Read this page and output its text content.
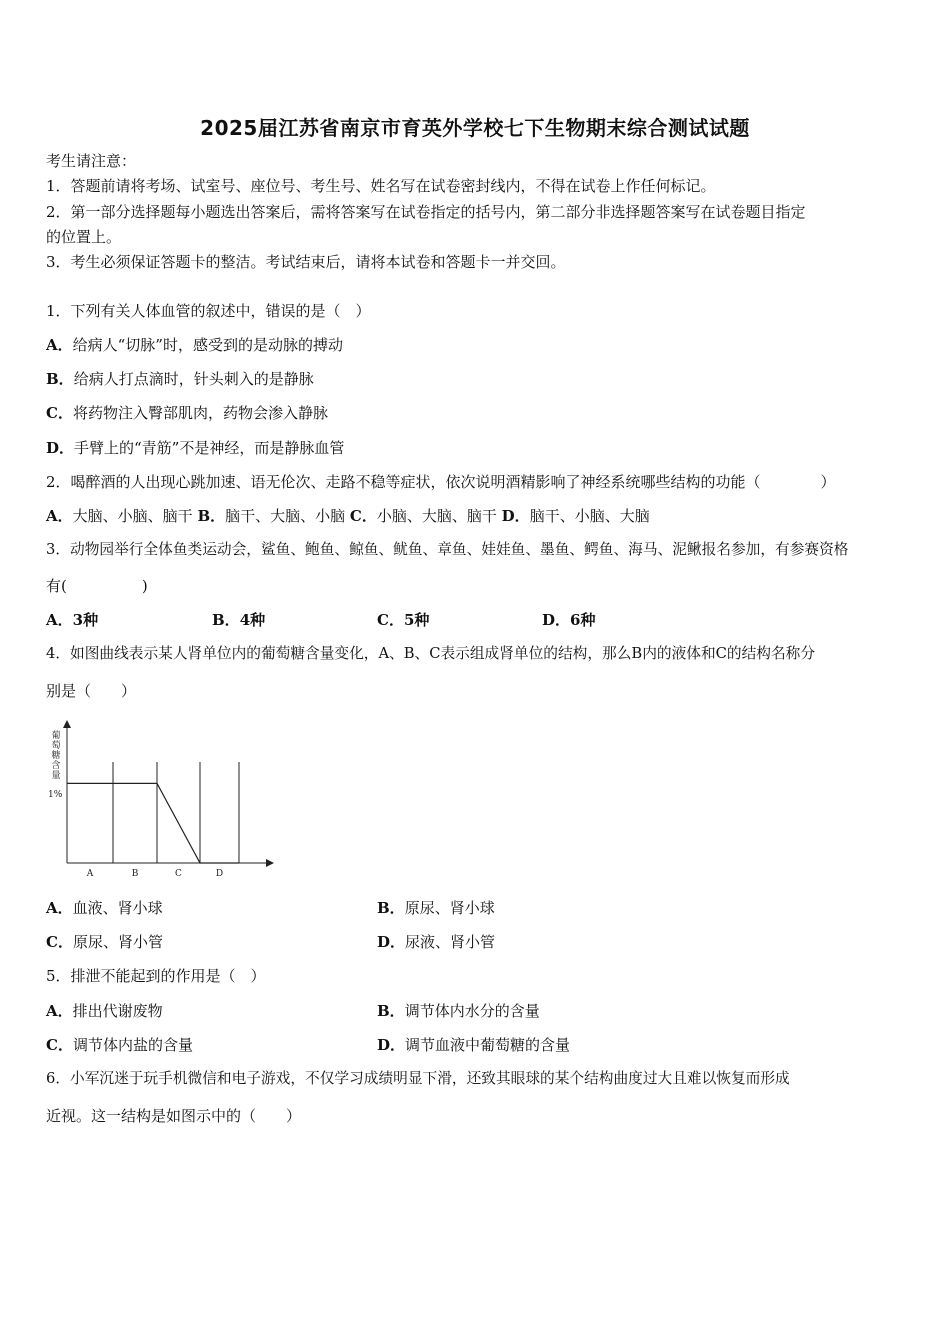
2025届江苏省南京市育英外学校七下生物期末综合测试试题
考生请注意：
1．答题前请将考场、试室号、座位号、考生号、姓名写在试卷密封线内，不得在试卷上作任何标记。
2．第一部分选择题每小题选出答案后，需将答案写在试卷指定的括号内，第二部分非选择题答案写在试卷题目指定
的位置上。
3．考生必须保证答题卡的整洁。考试结束后，请将本试卷和答题卡一并交回。
1．下列有关人体血管的叙述中，错误的是（　）
A．给病人“切脉”时，感受到的是动脉的搏动
B．给病人打点滴时，针头刺入的是静脉
C．将药物注入臀部肌肉，药物会渗入静脉
D．手臂上的“青筋”不是神经，而是静脉血管
2．喝醉酒的人出现心跳加速、语无伦次、走路不稳等症状，依次说明酒精影响了神经系统哪些结构的功能（　　　　）
A．大脑、小脑、脑干 B．脑干、大脑、小脑 C．小脑、大脑、脑干 D．脑干、小脑、大脑
3．动物园举行全体鱼类运动会，鲨鱼、鲍鱼、鲸鱼、鱿鱼、章鱼、娃娃鱼、墨鱼、鳄鱼、海马、泥鳅报名参加，有参赛资格
有(　　　　　)
A．3种	B．4种	C．5种	D．6种
4．如图曲线表示某人肾单位内的葡萄糖含量变化，A、B、C表示组成肾单位的结构，那么B内的液体和C的结构名称分
别是（　　）
葡
萄
糖
含
量
1%
A	B	C	D
A．血液、肾小球	B．原尿、肾小球
C．原尿、肾小管	D．尿液、肾小管
5．排泄不能起到的作用是（　）
A．排出代谢废物	B．调节体内水分的含量
C．调节体内盐的含量	D．调节血液中葡萄糖的含量
6．小军沉迷于玩手机微信和电子游戏，不仅学习成绩明显下滑，还致其眼球的某个结构曲度过大且难以恢复而形成
近视。这一结构是如图示中的（　　）
